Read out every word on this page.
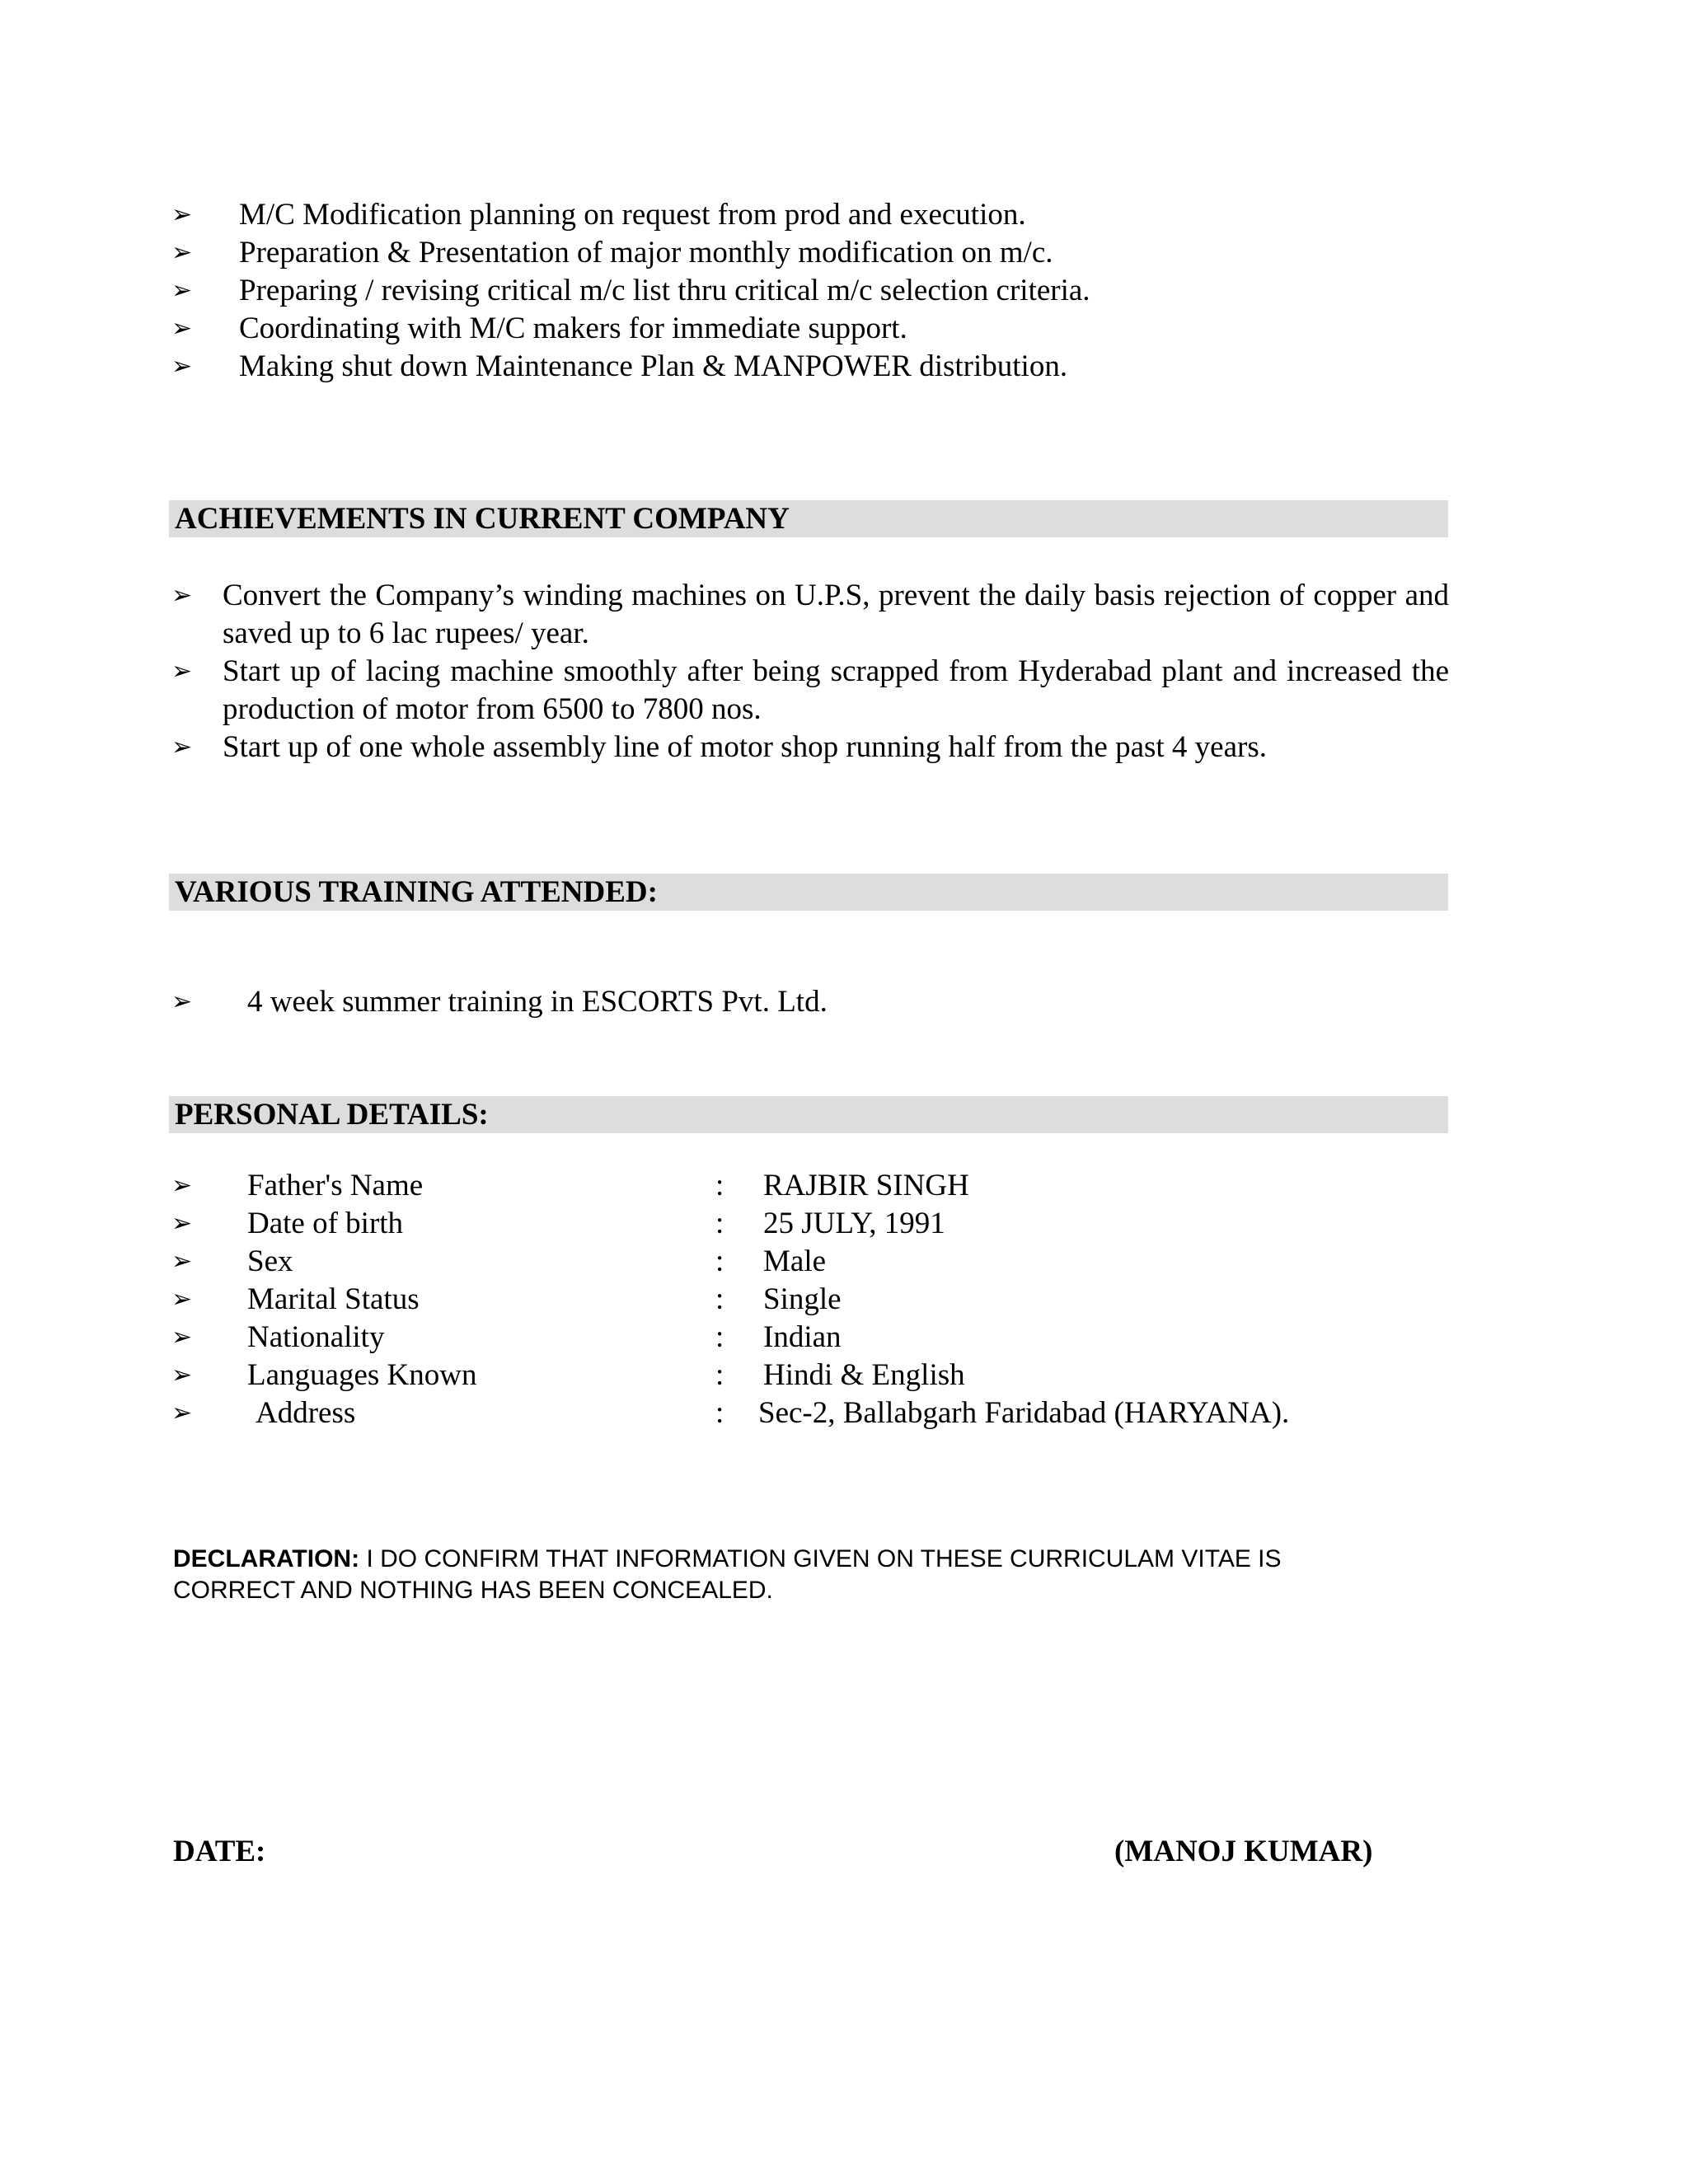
➢ M/C Modification planning on request from prod and execution.
➢ Preparation & Presentation of major monthly modification on m/c.
➢ Preparing / revising critical m/c list thru critical m/c selection criteria.
➢ Coordinating with M/C makers for immediate support.
➢ Making shut down Maintenance Plan & MANPOWER distribution.
ACHIEVEMENTS IN CURRENT COMPANY
➢ Convert the Company’s winding machines on U.P.S, prevent the daily basis rejection of copper and saved up to 6 lac rupees/ year.
➢ Start up of lacing machine smoothly after being scrapped from Hyderabad plant and increased the production of motor from 6500 to 7800 nos.
➢ Start up of one whole assembly line of motor shop running half from the past 4 years.
VARIOUS TRAINING ATTENDED:
➢ 4 week summer training in ESCORTS Pvt. Ltd.
PERSONAL DETAILS:
➢ Father's Name	: RAJBIR SINGH
➢ Date of birth	: 25 JULY, 1991
➢ Sex	: Male
➢ Marital Status	: Single
➢ Nationality	: Indian
➢ Languages Known	: Hindi & English
➢ Address	: Sec-2, Ballabgarh Faridabad (HARYANA).
DECLARATION: I DO CONFIRM THAT INFORMATION GIVEN ON THESE CURRICULAM VITAE IS CORRECT AND NOTHING HAS BEEN CONCEALED.
DATE:	(MANOJ KUMAR)
